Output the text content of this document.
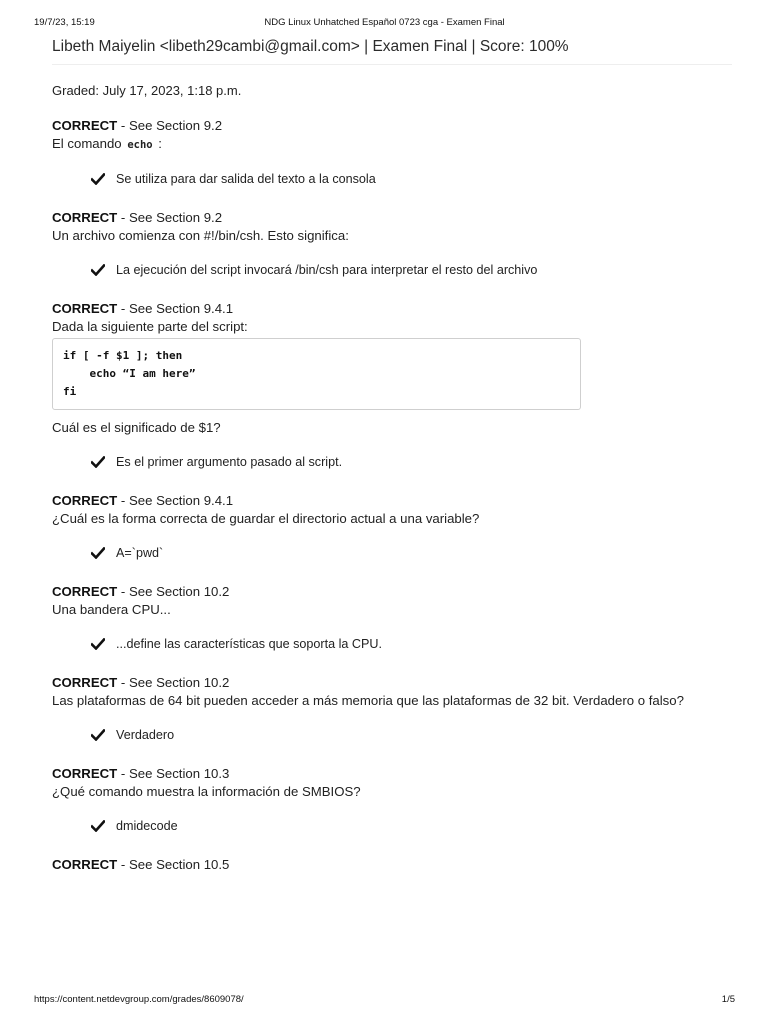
19/7/23, 15:19	NDG Linux Unhatched Español 0723 cga - Examen Final
Libeth Maiyelin <libeth29cambi@gmail.com> | Examen Final | Score: 100%
Graded: July 17, 2023, 1:18 p.m.
CORRECT - See Section 9.2
El comando echo :
Se utiliza para dar salida del texto a la consola
CORRECT - See Section 9.2
Un archivo comienza con #!/bin/csh. Esto significa:
La ejecución del script invocará /bin/csh para interpretar el resto del archivo
CORRECT - See Section 9.4.1
Dada la siguiente parte del script:
if [ -f $1 ]; then
echo “I am here”
fi
Cuál es el significado de $1?
Es el primer argumento pasado al script.
CORRECT - See Section 9.4.1
¿Cuál es la forma correcta de guardar el directorio actual a una variable?
A=`pwd`
CORRECT - See Section 10.2
Una bandera CPU...
...define las características que soporta la CPU.
CORRECT - See Section 10.2
Las plataformas de 64 bit pueden acceder a más memoria que las plataformas de 32 bit. Verdadero o falso?
Verdadero
CORRECT - See Section 10.3
¿Qué comando muestra la información de SMBIOS?
dmidecode
CORRECT - See Section 10.5
https://content.netdevgroup.com/grades/8609078/	1/5
